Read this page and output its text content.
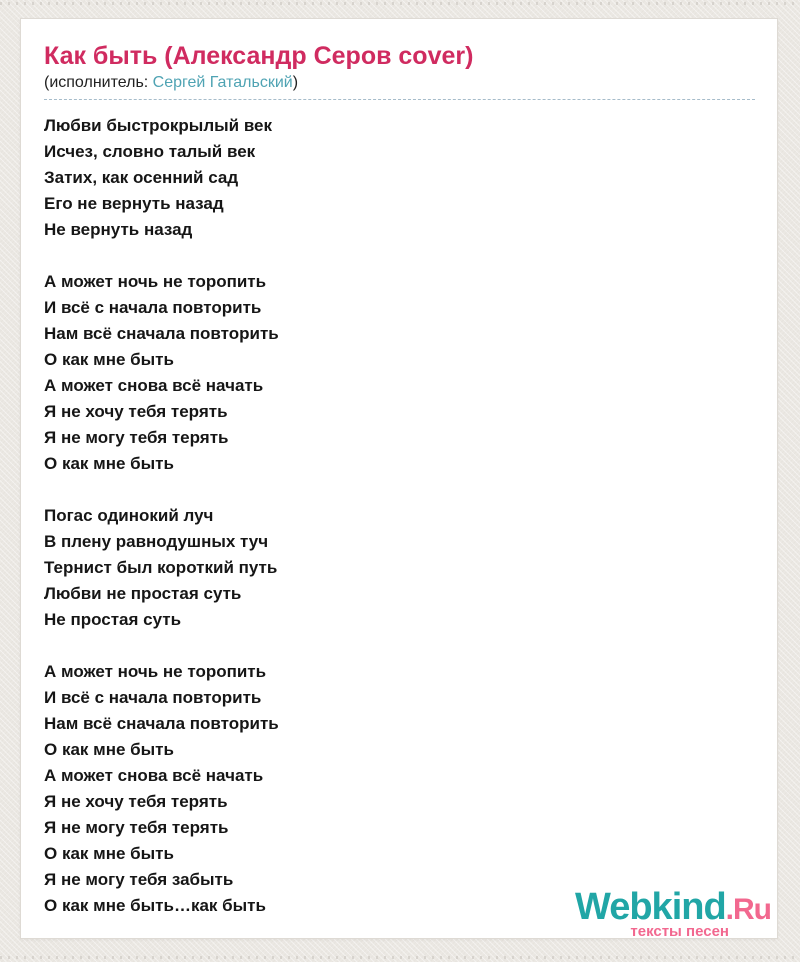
Как быть (Александр Серов cover)
(исполнитель: Сергей Гатальский)

Любви быстрокрылый век

Исчез, словно талый век

Затих, как осенний сад

Его не вернуть назад

Не вернуть назад

А может ночь не торопить

И всё с начала повторить

Нам всё сначала повторить

О как мне быть

А может снова всё начать

Я не хочу тебя терять

Я не могу тебя терять

О как мне быть

Погас одинокий луч

В плену равнодушных туч

Тернист был короткий путь

Любви не простая суть

Не простая суть

А может ночь не торопить

И всё с начала повторить

Нам всё сначала повторить

О как мне быть

А может снова всё начать

Я не хочу тебя терять

Я не могу тебя терять

О как мне быть

Я не могу тебя забыть

О как мне быть…как быть	Webkind.Ru
тексты песен
